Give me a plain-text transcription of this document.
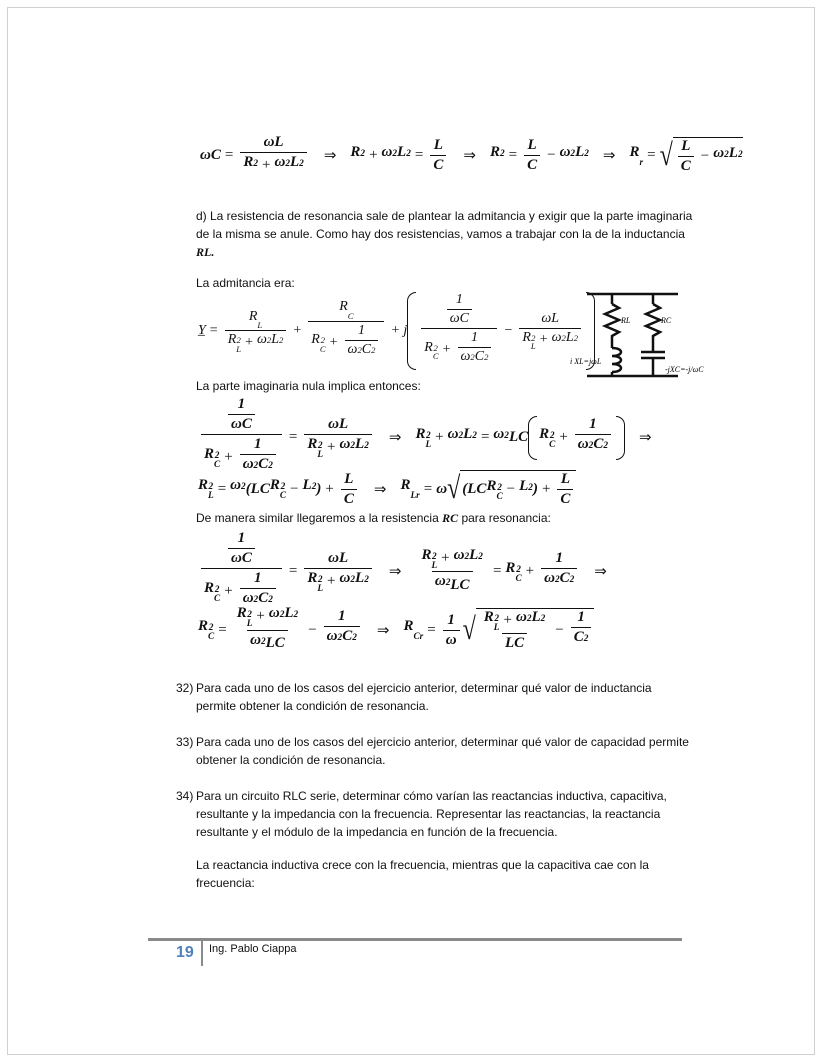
ωC = ωL
R 2
+ ω 2
L 2
⇒ R 2
+ ω 2
L 2
= $\frac{L}{C}$ ⇒ R 2
= $\frac{L}{C} - \omega$ 2
L 2
⇒ R

r = √ $\frac{L}{C} - \omega$ 2
L 2

d) La resistencia de resonancia sale de plantear la admitancia y exigir que la parte imaginaria
de la misma se anule. Como hay dos resistencias, vamos a trabajar con la de la inductancia
RL.
La admitancia era:
Y̲ = R

L
R 2
L + ω 2
L 2
+ R

C
R 2
C + 1
ω 2
C 2
+ j $\frac{1}{\omega C}$
R 2
C + 1
ω 2
C 2
− ωL
R 2
L + ω 2
L 2
	RL	RC
i XL=jωL
-jXC=-j/ωC
La parte imaginaria nula implica entonces:
$\frac{1}{\omega C}$
R 2
C + 1
ω 2
C 2
= ωL
R 2
L + ω 2
L 2
⇒ R 2
L + ω 2
L 2
= ω 2
LC R 2
C + 1
ω 2
C 2
⇒
R 2
L = ω 2
(LC R 2
C − L 2
) + $\frac{L}{C}$ ⇒ R

Lr = ω √ (LC R 2
C − L 2
) + $\frac{L}{C}$
De manera similar llegaremos a la resistencia RC para resonancia:
$\frac{1}{\omega C}$
R 2
C + 1
ω 2
C 2
= ωL
R 2
L + ω 2
L 2
⇒ R 2
L + ω 2
L 2

ω 2
LC = R 2
C + 1
ω 2
C 2
⇒
R 2
C = R 2
L + ω 2
L 2

ω 2
LC − 1
ω 2
C 2
⇒ R

$Cr = \frac{1}{\omega}$ √ R 2
L + ω 2
L 2

LC − $\frac{1}{C 2}$

32) Para cada uno de los casos del ejercicio anterior, determinar qué valor de inductancia
permite obtener la condición de resonancia.
33) Para cada uno de los casos del ejercicio anterior, determinar qué valor de capacidad permite
obtener la condición de resonancia.
34) Para un circuito RLC serie, determinar cómo varían las reactancias inductiva, capacitiva,
resultante y la impedancia con la frecuencia. Representar las reactancias, la reactancia
resultante y el módulo de la impedancia en función de la frecuencia.
La reactancia inductiva crece con la frecuencia, mientras que la capacitiva cae con la
frecuencia:
19 Ing. Pablo Ciappa
